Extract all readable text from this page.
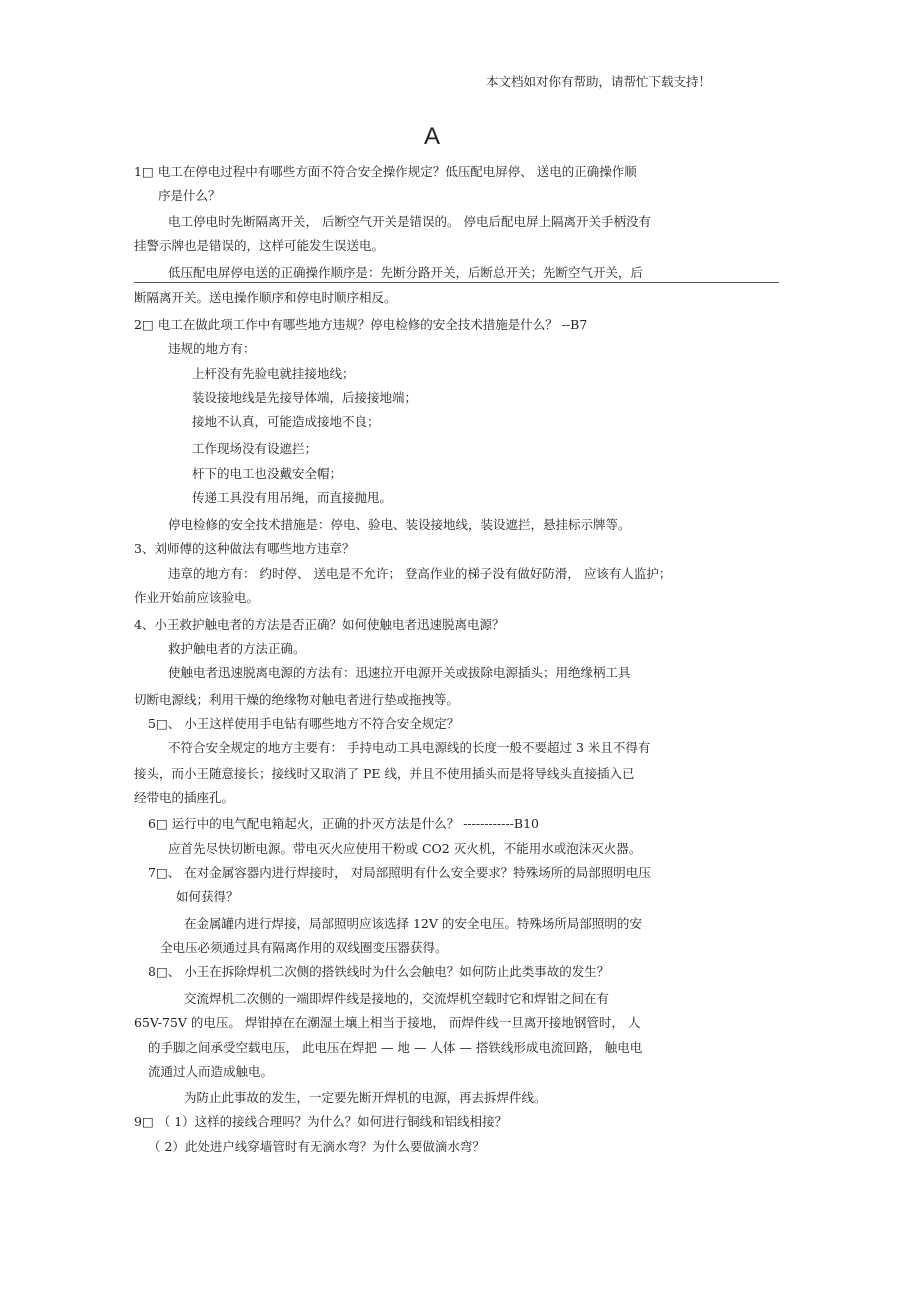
本文档如对你有帮助，请帮忙下载支持！
A
1□ 电工在停电过程中有哪些方面不符合安全操作规定？低压配电屏停、 送电的正确操作顺
序是什么？
电工停电时先断隔离开关， 后断空气开关是错误的。 停电后配电屏上隔离开关手柄没有
挂警示牌也是错误的，这样可能发生误送电。
低压配电屏停电送的正确操作顺序是：先断分路开关，后断总开关；先断空气开关，后
断隔离开关。送电操作顺序和停电时顺序相反。
2□ 电工在做此项工作中有哪些地方违规？停电检修的安全技术措施是什么？ --B7
违规的地方有：
上杆没有先验电就挂接地线；
装设接地线是先接导体端，后接接地端；
接地不认真，可能造成接地不良；
工作现场没有设遮拦；
杆下的电工也没戴安全帽；
传递工具没有用吊绳，而直接抛甩。
停电检修的安全技术措施是：停电、验电、装设接地线，装设遮拦，悬挂标示牌等。
3、刘师傅的这种做法有哪些地方违章？
违章的地方有： 约时停、 送电是不允许； 登高作业的梯子没有做好防滑， 应该有人监护；
作业开始前应该验电。
4、小王救护触电者的方法是否正确？如何使触电者迅速脱离电源？
救护触电者的方法正确。
使触电者迅速脱离电源的方法有：迅速拉开电源开关或拔除电源插头；用绝缘柄工具
切断电源线；利用干燥的绝缘物对触电者进行垫或拖拽等。
5□、 小王这样使用手电钻有哪些地方不符合安全规定？
不符合安全规定的地方主要有： 手持电动工具电源线的长度一般不要超过 3 米且不得有
接头，而小王随意接长；接线时又取消了 PE 线，并且不使用插头而是将导线头直接插入已
经带电的插座孔。
6□ 运行中的电气配电箱起火，正确的扑灭方法是什么？ ------------B10
应首先尽快切断电源。带电灭火应使用干粉或 CO2 灭火机，不能用水或泡沫灭火器。
7□、 在对金属容器内进行焊接时， 对局部照明有什么安全要求？特殊场所的局部照明电压
如何获得？
在金属罐内进行焊接，局部照明应该选择 12V 的安全电压。特殊场所局部照明的安
全电压必须通过具有隔离作用的双线圈变压器获得。
8□、 小王在拆除焊机二次侧的搭铁线时为什么会触电？如何防止此类事故的发生？
交流焊机二次侧的一端即焊件线是接地的，交流焊机空载时它和焊钳之间在有
65V-75V 的电压。 焊钳掉在在潮湿土壤上相当于接地， 而焊件线一旦离开接地钢管时， 人
的手脚之间承受空载电压， 此电压在焊把 — 地 — 人体 — 搭铁线形成电流回路， 触电电
流通过人而造成触电。
为防止此事故的发生，一定要先断开焊机的电源，再去拆焊件线。
9□ （ 1）这样的接线合理吗？为什么？如何进行铜线和铝线相接？
（ 2）此处进户线穿墙管时有无滴水弯？为什么要做滴水弯？
